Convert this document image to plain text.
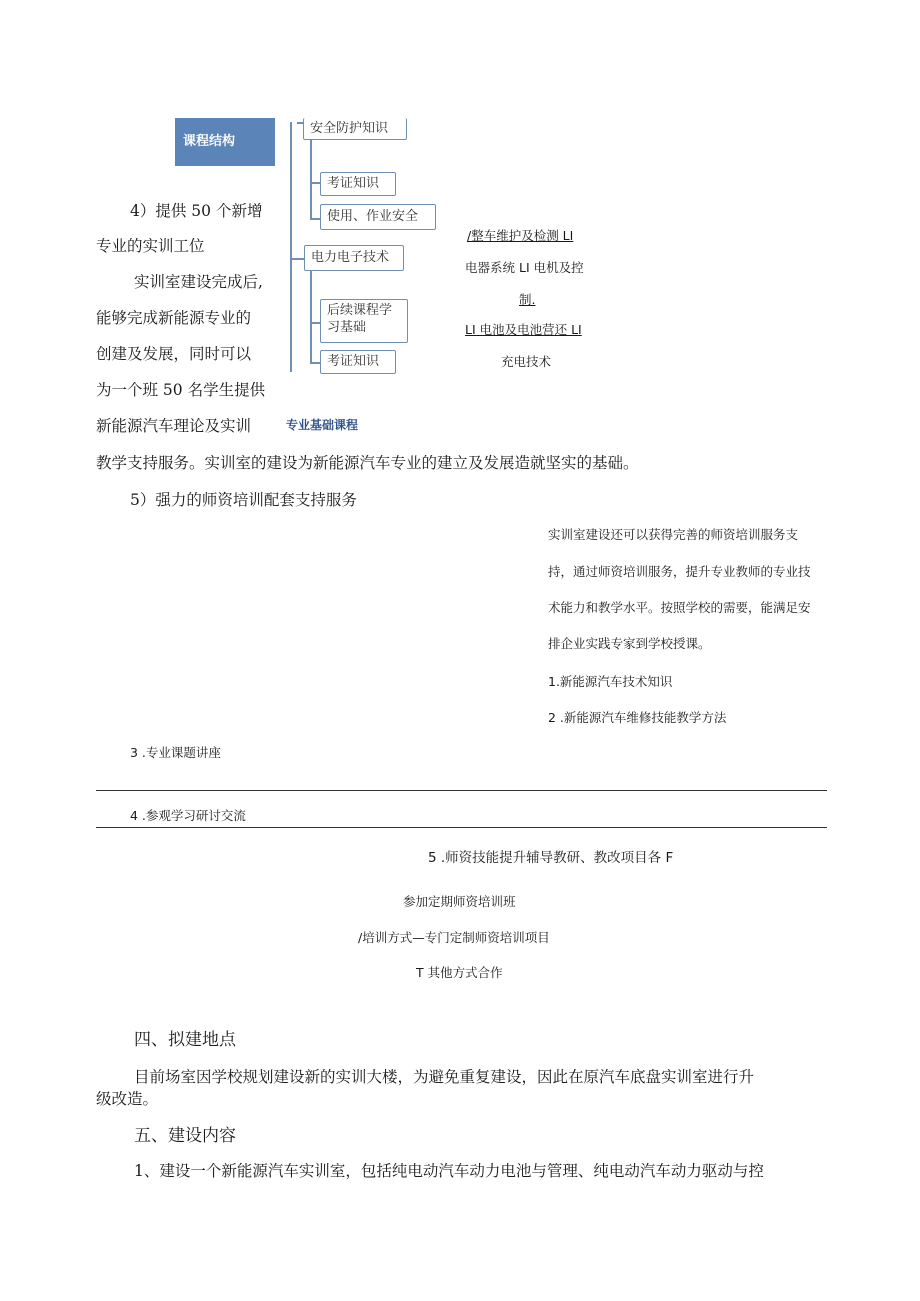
课程结构
安全防护知识
考证知识
使用、作业安全
电力电子技术
后续课程学
习基础
考证知识
专业基础课程
/整车维护及检测 LI
电器系统 LI 电机及控
制.
LI 电池及电池营还 LI
充电技术
4）提供 50 个新增
专业的实训工位
实训室建设完成后,
能够完成新能源专业的
创建及发展，同时可以
为一个班 50 名学生提供
新能源汽车理论及实训
教学支持服务。实训室的建设为新能源汽车专业的建立及发展造就坚实的基础。
5）强力的师资培训配套支持服务
实训室建设还可以获得完善的师资培训服务支
持，通过师资培训服务，提升专业教师的专业技
术能力和教学水平。按照学校的需要，能满足安
排企业实践专家到学校授课。
1.新能源汽车技术知识
2 .新能源汽车维修技能教学方法
3 .专业课题讲座
4 .参观学习研讨交流
5 .师资技能提升辅导教研、教改项目各 F
参加定期师资培训班
/培训方式—专门定制师资培训项目
T 其他方式合作
四、拟建地点
目前场室因学校规划建设新的实训大楼，为避免重复建设，因此在原汽车底盘实训室进行升
级改造。
五、建设内容
1、建设一个新能源汽车实训室，包括纯电动汽车动力电池与管理、纯电动汽车动力驱动与控
